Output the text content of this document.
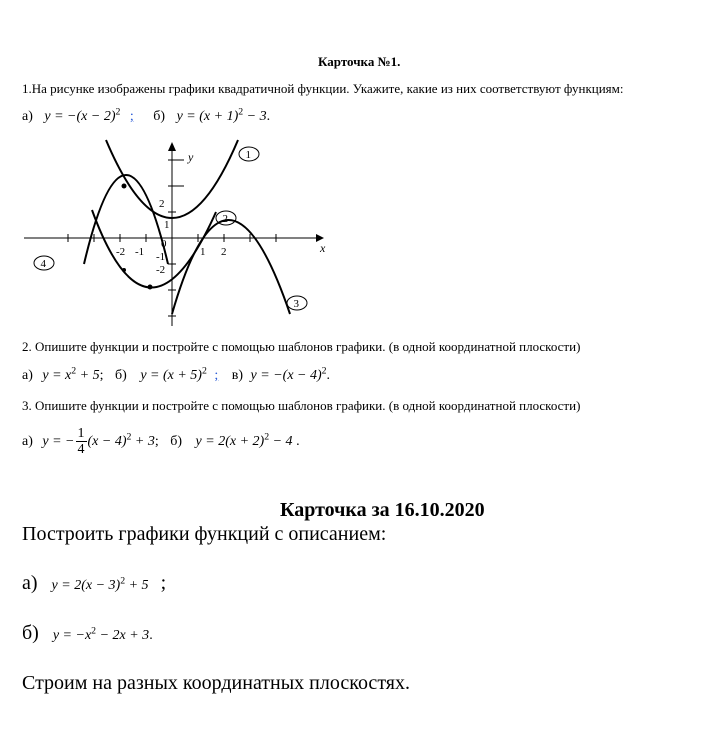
Карточка №1.
1.На рисунке изображены графики квадратичной функции. Укажите, какие из них соответствуют функциям:
а) $y = -(x - 2)^2$ ; б) $y = (x + 1)^2 - 3$.
y
x
-2 -1
0
1 2
-1
-2
1
2
1
2
3
4
2. Опишите функции и постройте с помощью шаблонов графики. (в одной координатной плоскости)
а) $y = x^2 + 5$; б) $y = (x + 5)^2$ ; в) $y = -(x - 4)^2$.
3. Опишите функции и постройте с помощью шаблонов графики. (в одной координатной плоскости)
а) y = − $\frac{1}{4} (x - 4)^2 + 3$; б) $y = 2(x + 2)^2 - 4$ .
Карточка за 16.10.2020
Построить графики функций с описанием:
а) $y = 2(x - 3)^2 + 5$ ;
б) $y = -x^2 - 2x + 3$.
Строим на разных координатных плоскостях.
